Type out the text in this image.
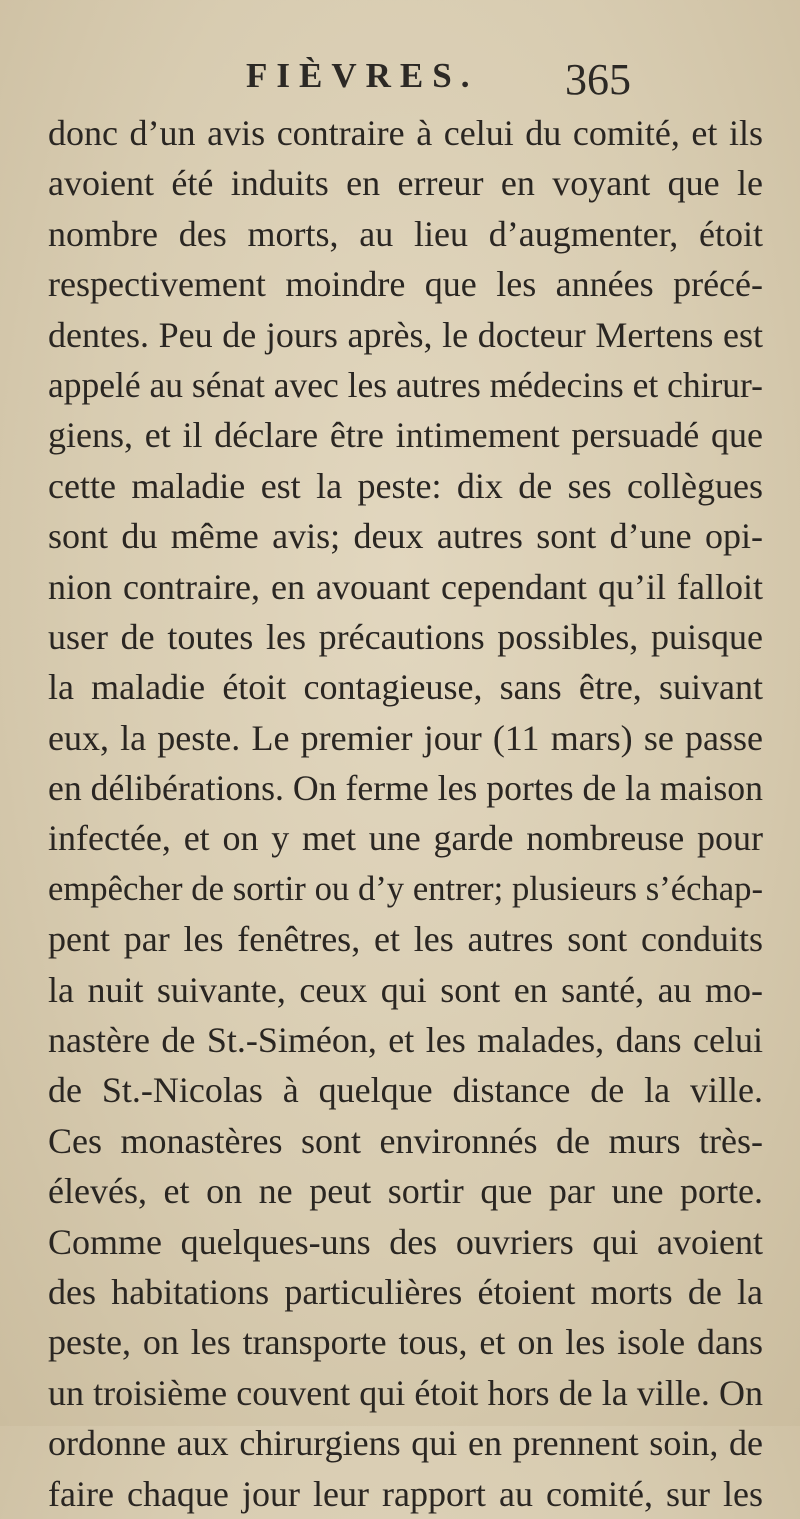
FIÈVRES. 365
donc d’un avis contraire à celui du comité, et ils
avoient été induits en erreur en voyant que le
nombre des morts, au lieu d’augmenter, étoit
respectivement moindre que les années précé-
dentes. Peu de jours après, le docteur Mertens est
appelé au sénat avec les autres médecins et chirur-
giens, et il déclare être intimement persuadé que
cette maladie est la peste: dix de ses collègues
sont du même avis; deux autres sont d’une opi-
nion contraire, en avouant cependant qu’il falloit
user de toutes les précautions possibles, puisque
la maladie étoit contagieuse, sans être, suivant
eux, la peste. Le premier jour (11 mars) se passe
en délibérations. On ferme les portes de la maison
infectée, et on y met une garde nombreuse pour
empêcher de sortir ou d’y entrer; plusieurs s’échap-
pent par les fenêtres, et les autres sont conduits
la nuit suivante, ceux qui sont en santé, au mo-
nastère de St.-Siméon, et les malades, dans celui
de St.-Nicolas à quelque distance de la ville.
Ces monastères sont environnés de murs très-
élevés, et on ne peut sortir que par une porte.
Comme quelques-uns des ouvriers qui avoient
des habitations particulières étoient morts de la
peste, on les transporte tous, et on les isole dans
un troisième couvent qui étoit hors de la ville. On
ordonne aux chirurgiens qui en prennent soin, de
faire chaque jour leur rapport au comité, sur les
